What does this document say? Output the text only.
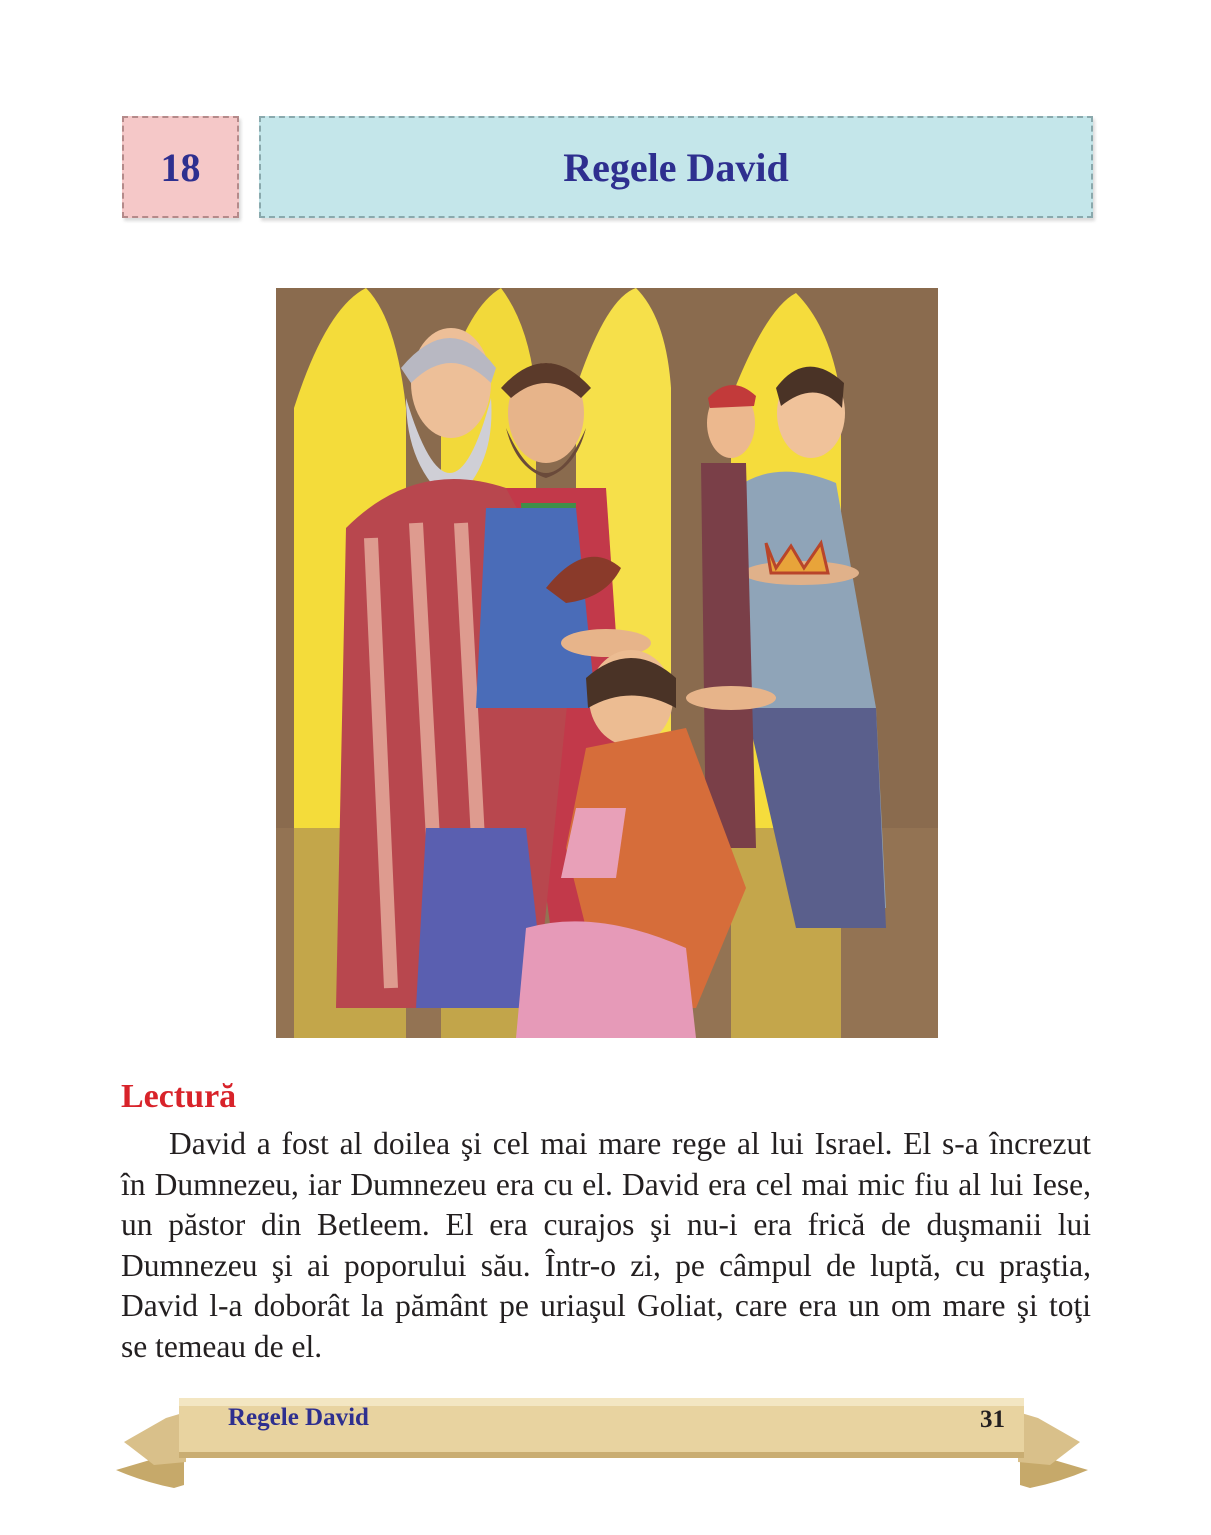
18	Regele David
Lectură

David a fost al doilea şi cel mai mare rege al lui Israel. El s-a încrezut
în Dumnezeu, iar Dumnezeu era cu el. David era cel mai mic fiu al lui Iese,
un păstor din Betleem. El era curajos şi nu-i era frică de duşmanii lui
Dumnezeu şi ai poporului său. Într-o zi, pe câmpul de luptă, cu praştia,
David l-a doborât la pământ pe uriaşul Goliat, care era un om mare şi toţi
se temeau de el.

Regele David	31
